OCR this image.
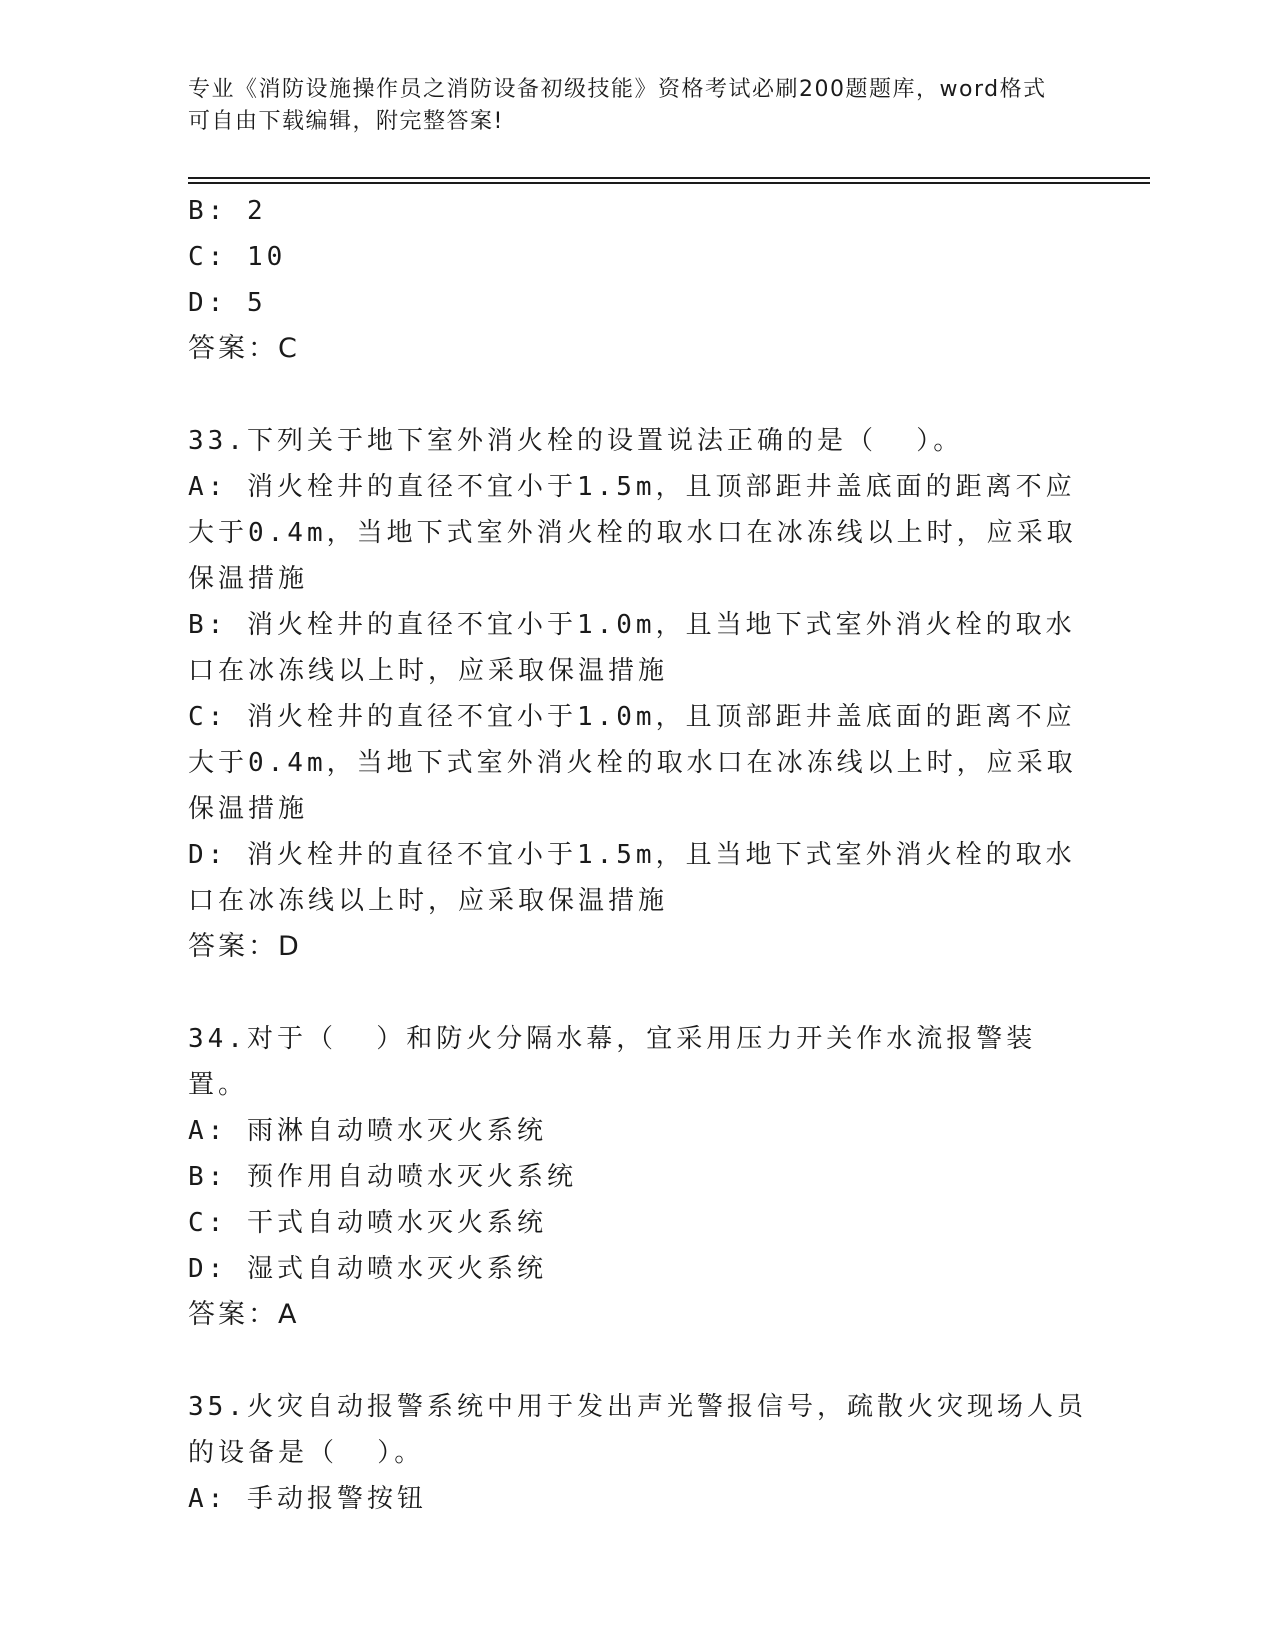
专业《消防设施操作员之消防设备初级技能》资格考试必刷200题题库，word格式可自由下载编辑，附完整答案!
B: 2
C: 10
D: 5
答案：C
33.下列关于地下室外消火栓的设置说法正确的是（  ）。
A: 消火栓井的直径不宜小于1.5m，且顶部距井盖底面的距离不应大于0.4m，当地下式室外消火栓的取水口在冰冻线以上时，应采取保温措施
B: 消火栓井的直径不宜小于1.0m，且当地下式室外消火栓的取水口在冰冻线以上时，应采取保温措施
C: 消火栓井的直径不宜小于1.0m，且顶部距井盖底面的距离不应大于0.4m，当地下式室外消火栓的取水口在冰冻线以上时，应采取保温措施
D: 消火栓井的直径不宜小于1.5m，且当地下式室外消火栓的取水口在冰冻线以上时，应采取保温措施
答案：D
34.对于（  ）和防火分隔水幕，宜采用压力开关作水流报警装置。
A: 雨淋自动喷水灭火系统
B: 预作用自动喷水灭火系统
C: 干式自动喷水灭火系统
D: 湿式自动喷水灭火系统
答案：A
35.火灾自动报警系统中用于发出声光警报信号，疏散火灾现场人员的设备是（  ）。
A: 手动报警按钮
